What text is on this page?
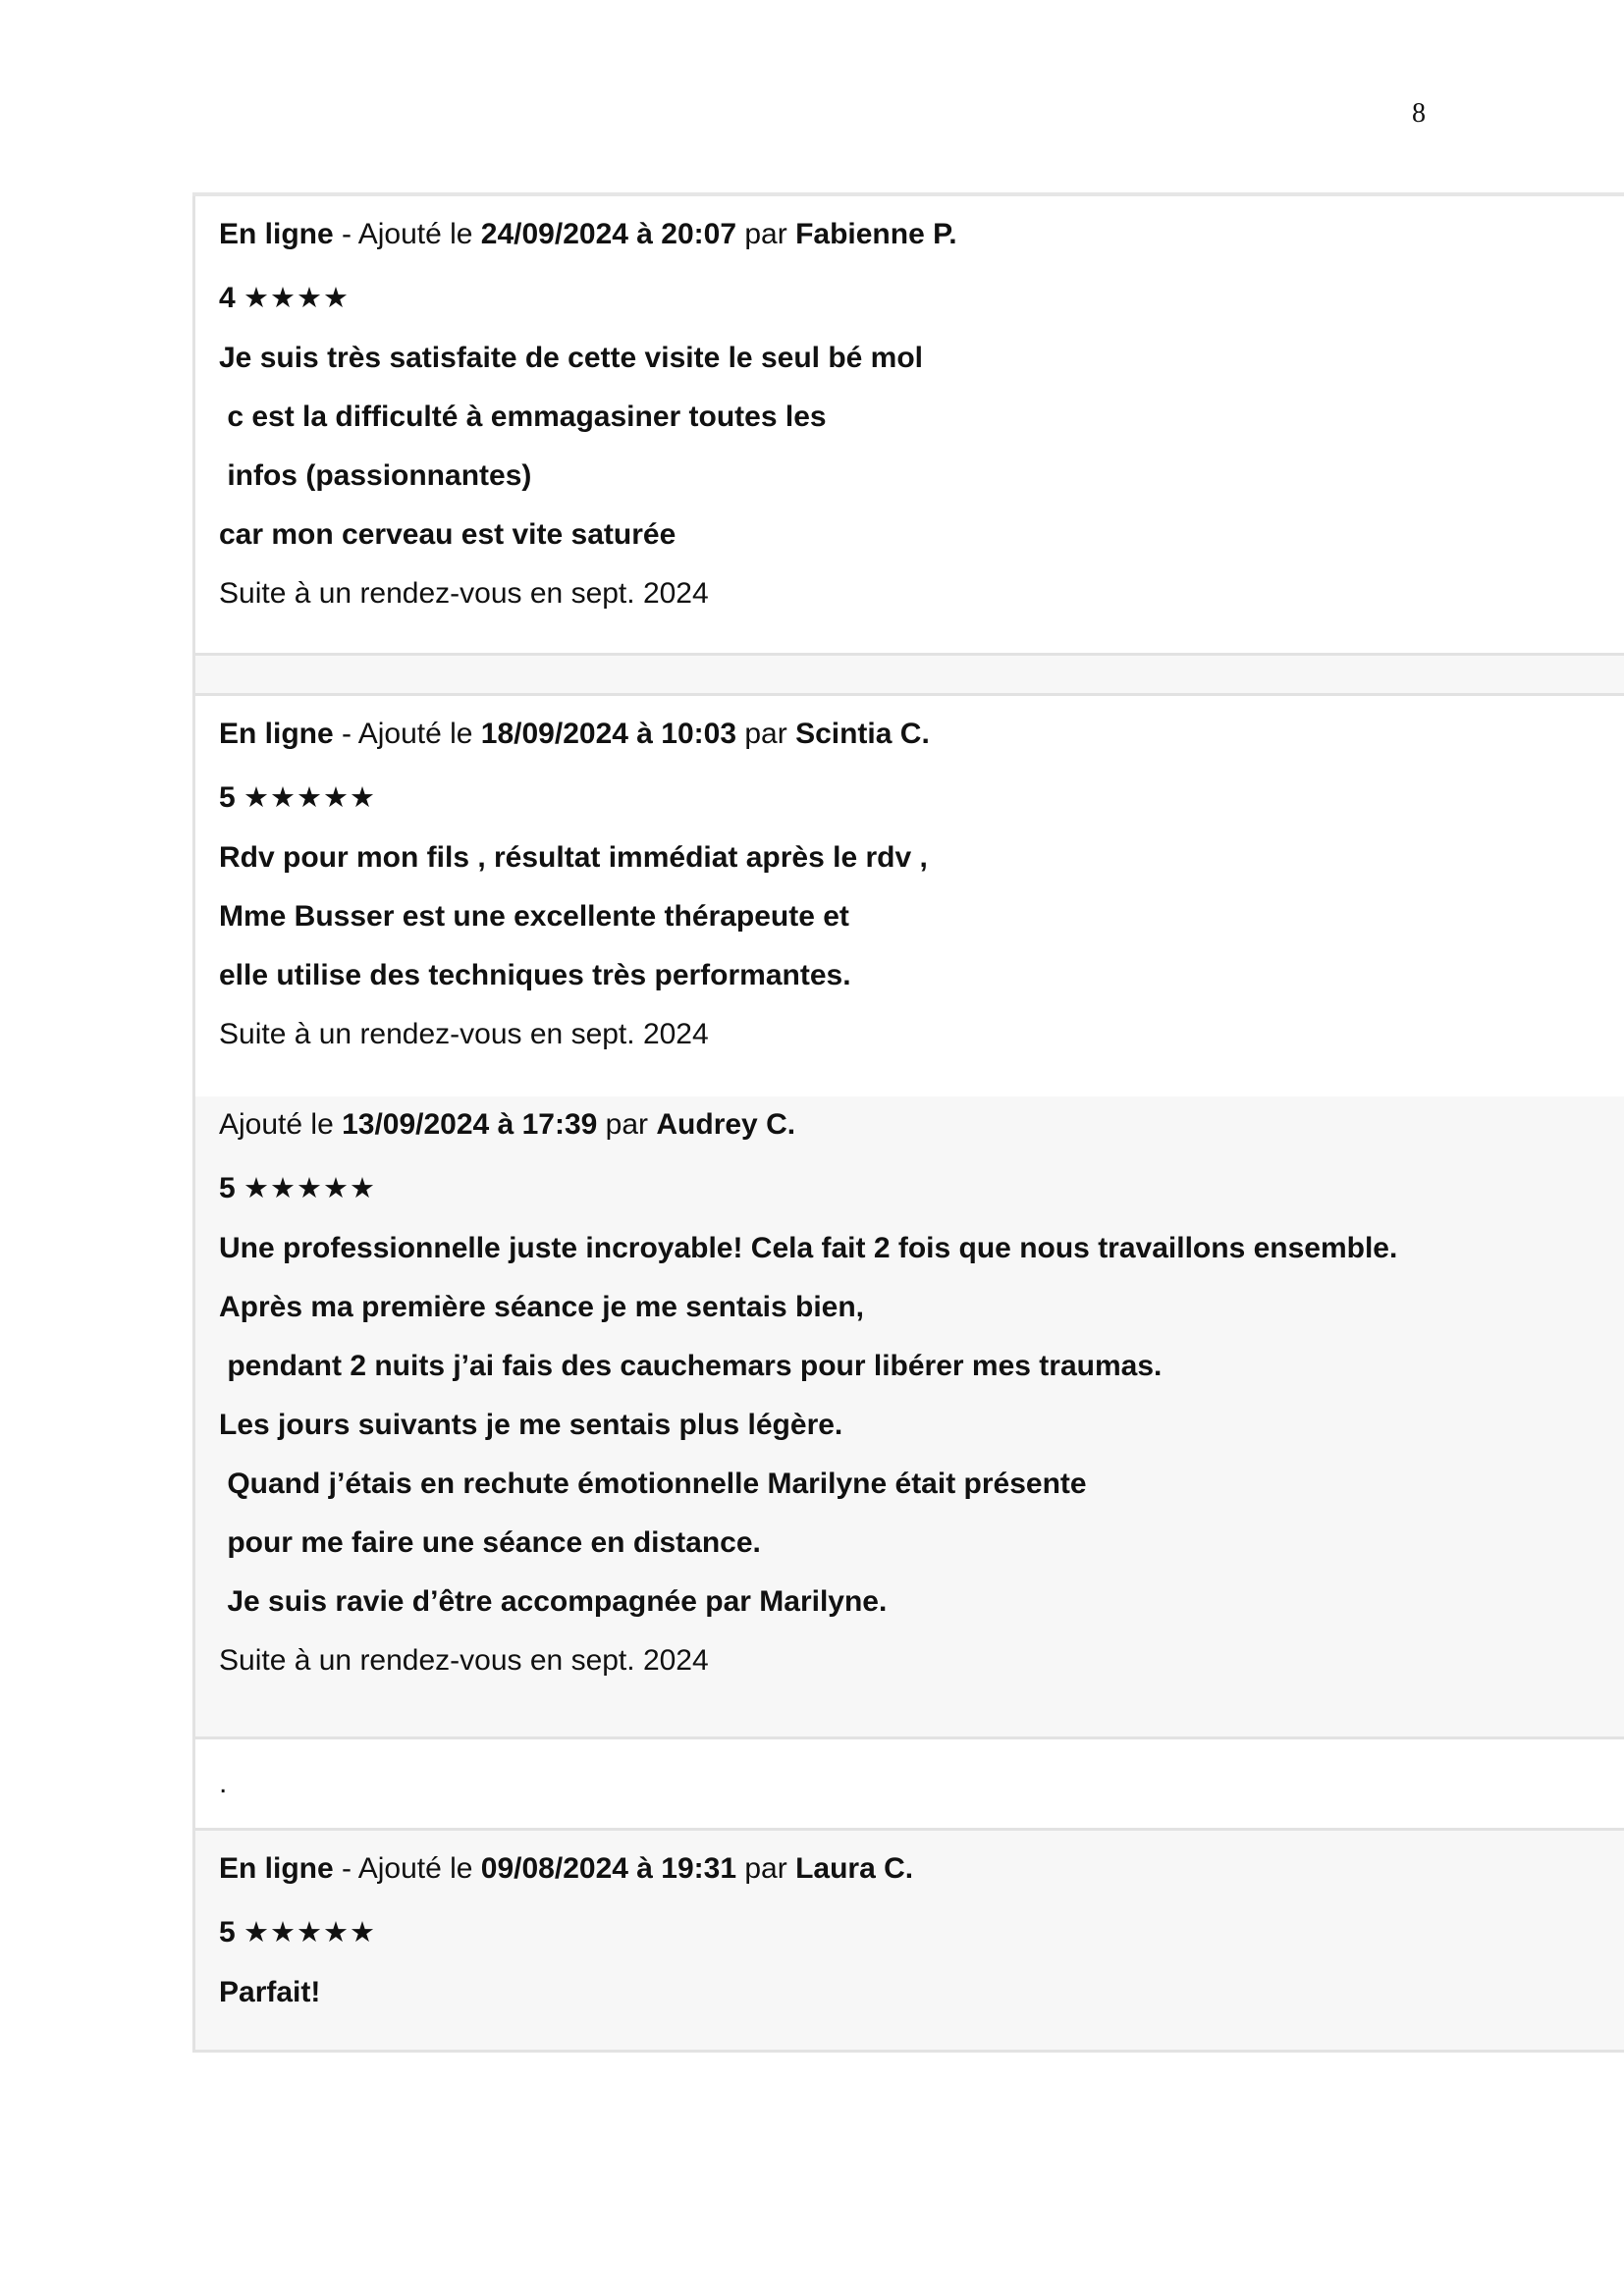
8
En ligne - Ajouté le 24/09/2024 à 20:07 par Fabienne P.
4 ★★★★
Je suis très satisfaite de cette visite le seul bé mol
c est la difficulté à emmagasiner toutes les
infos (passionnantes)
car mon cerveau est vite saturée
Suite à un rendez-vous en sept. 2024
En ligne - Ajouté le 18/09/2024 à 10:03 par Scintia C.
5 ★★★★★
Rdv pour mon fils , résultat immédiat après le rdv ,
Mme Busser est une excellente thérapeute et
elle utilise des techniques très performantes.
Suite à un rendez-vous en sept. 2024
Ajouté le 13/09/2024 à 17:39 par Audrey C.
5 ★★★★★
Une professionnelle juste incroyable! Cela fait 2 fois que nous travaillons ensemble.
Après ma première séance je me sentais bien,
pendant 2 nuits j’ai fais des cauchemars pour libérer mes traumas.
Les jours suivants je me sentais plus légère.
Quand j’étais en rechute émotionnelle Marilyne était présente
pour me faire une séance en distance.
Je suis ravie d’être accompagnée par Marilyne.
Suite à un rendez-vous en sept. 2024
.
En ligne - Ajouté le 09/08/2024 à 19:31 par Laura C.
5 ★★★★★
Parfait!
